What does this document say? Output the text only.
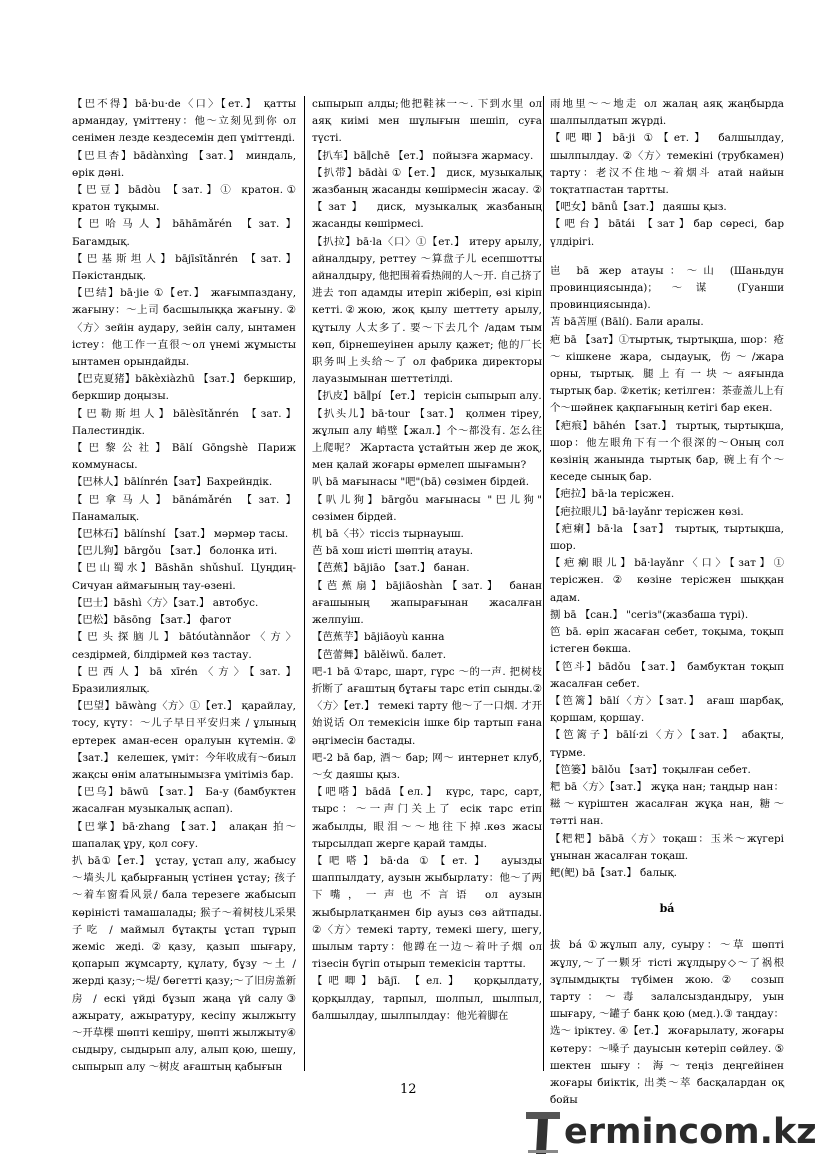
【巴不得】bā·bu·de〈口〉【ет.】 қатты армандау, үміттену：他～立刻见到你 ол сенімен лезде кездесемін деп үміттенді.
【巴旦杏】bādànxìng 【зат.】 миндаль, өрік дәні.
【巴豆】bādòu 【зат.】① кратон.① кратон тұқымы.
【巴哈马人】bāhāmǎrén 【зат.】 Багамдық.
【巴基斯坦人】bājīsītǎnrén 【зат.】 Пәкістандық.
【巴结】bā·jie ①【ет.】 жағымпаздану, жағыну：～上司 басшылыққа жағыну. ②〈方〉зейін аудару, зейін салу, ынтамен істеу：他工作一直很～ол үнемі жұмысты ынтамен орындайды.
【巴克夏猪】bākèxiàzhū 【зат.】 беркшир, беркшир доңызы.
【巴勒斯坦人】bālèsītǎnrén 【зат.】 Палестиндік.
【巴黎公社】Bālí Gōngshè Париж коммунасы.
【巴林人】bālínrén【зат】Бахрейндік.
【巴拿马人】bānámǎrén 【зат.】 Панамалық.
【巴林石】bālínshí 【зат.】 мәрмәр тасы.
【巴儿狗】bārgǒu 【зат.】 болонка иті.
【巴山蜀水】Bāshān shǔshuǐ. Цуңдиң-Сичуан аймағының тау-өзені.
【巴士】bāshì〈方〉【зат.】 автобус.
【巴松】bāsōng 【зат.】 фагот
【巴头探脑儿】bātóutànnǎor〈方〉сездірмей, білдірмей көз тастау.
【巴西人】bā xīrén〈方〉【зат.】 Бразилиялық.
【巴望】bāwàng〈方〉①【ет.】 қарайлау, тосу, күту：～儿子早日平安归来 / ұлының ертерек аман-есен оралуын күтемін.②【зат.】 келешек, үміт：今年收成有～биыл жақсы өнім алатынымызға үмітіміз бар.
【巴乌】bāwū 【зат.】 Ба-у (бамбуктен жасалған музыкалық аспап).
【巴掌】bā·zhang 【зат.】 алақан 拍～шапалақ ұру, қол соғу.
扒 bā①【ет.】 ұстау, ұстап алу, жабысу ～墙头儿 қабырғаның үстінен ұстау; 孩子～着车窗看风景/ бала терезеге жабысып көріністі тамашалады; 猴子～着树枝儿采果子吃 / маймыл бұтақты ұстап тұрып жеміс жеді.②қазу, қазып шығару, қопарып жұмсарту, құлату, бұзу ～土 / жерді қазу;～堤/ бөгетті қазу;～了旧房盖新房 / ескі үйді бұзып жаңа үй салу③ ажырату, ажыратуру, кесіпу жылжыту ～开草棵 шөпті кешіру, шөпті жылжыту④ сыдыру, сыдырып алу, алып қою, шешу, сыпырып алу ～树皮 ағаштың қабығын
сыпырып алды;他把鞋袜一～. 下到水里 ол аяқ киімі мен шұлығын шешіп, суға түсті.
【扒车】bā∥chē 【ет.】 пойызға жармасу.
【扒带】bādài ①【ет.】 диск, музыкалық жазбаның жасанды көшірмесін жасау. ②【зат】 диск, музыкалық жазбаның жасанды көшірмесі.
【扒拉】bā·la〈口〉①【ет.】 итеру арылу, айналдыру, реттеу ～算盘子儿 есепшотты айналдыру, 他把围着看热闹的人～开. 自己挤了进去 топ адамды итеріп жіберіп, өзі кіріп кетті.②жою, жоқ қылу шеттету арылу, құтылу 人太多了. 要～下去几个 /адам тым көп, бірнешеуінен арылу қажет; 他的厂长职务叫上头给～了 ол фабрика директоры лауазымынан шеттетілді.
【扒皮】bā∥pí 【ет.】 терісін сыпырып алу.
【扒头儿】bā·tour 【зат.】 қолмен тіреу, жұлып алу 峭壁【жал.】个～都没有. 怎么往上爬呢？ Жартаста ұстайтын жер де жоқ, мен қалай жоғары өрмелеп шығамын?
叭 bā мағынасы "吧"(bā) сөзімен бірдей.
【叭儿狗】bārgǒu мағынасы "巴儿狗" сөзімен бірдей.
机 bā〈书〉тіссіз тырнауыш.
芭 bā хош иісті шөптің атауы.
【芭蕉】bājiāo 【зат.】 банан.
【芭蕉扇】bājiāoshàn【зат.】 банан ағашының жапырағынан жасалған желпуіш.
【芭蕉芋】bājiāoyù канна
【芭蕾舞】bālěiwǔ. балет.
吧-1 bā ①тарс, шарт, гүрс ～的一声. 把树枝折断了 ағаштың бұтағы тарс етіп сынды.②〈方〉【ет.】 темекі тарту 他～了一口烟. 才开始说话 Ол темекісін ішке бір тартып ғана әңгімесін бастады.
吧-2 bā бар, 酒～ бар; 网～ интернет клуб,～女 даяшы қыз.
【吧嗒】bādā【ел.】 күрс, тарс, сарт, тырс：～一声门关上了 есік тарс етіп жабылды, 眼泪～～地往下掉.көз жасы тырсылдап жерге қарай тамды.
【吧嗒】bā·da ①【ет.】 ауызды шаппылдату, аузын жыбырлату：他～了两下嘴，一声也不言语 ол аузын жыбырлатқанмен бір ауыз сөз айтпады. ②〈方〉темекі тарту, темекі шегу, шегу, шылым тарту：他蹲在一边～着叶子烟 ол тізесін бүгіп отырып темекісін тартты.
【吧唧】bājī. 【ел.】 қорқылдату, қорқылдау, тарпыл, шолпыл, шылпыл, балшылдау, шылпылдау：他光着脚在
雨地里～～地走 ол жалаң аяқ жаңбырда шалпылдатып жүрді.
【吧唧】bā·ji ①【ет.】 балшылдау, шылпылдау. ②〈方〉темекіні (трубкамен) тарту：老汉不住地～着烟斗 атай найын тоқтатпастан тартты.
【吧女】bānǚ【зат.】 даяшы қыз.
【吧台】bātái 【зат】бар сөресі, бар үлдірігі.
岜 bā жер атауы：～山 (Шаньдун провинциясында)；～谋 (Гуанши провинциясында).
苫 bā苫厘 (Bālí). Бали аралы.
疤 bā 【зат】①тыртық, тыртықша, шор：疮～кішкене жара, сыдауық, 伤～/жара орны, тыртық. 腿上有一块～аяғында тыртық бар. ②кетік; кетілген：茶壶盖儿上有个～шәйнек қақпағының кетігі бар екен.
【疤痕】bāhén 【зат.】 тыртық, тыртықша, шор：他左眼角下有一个很深的～Оның сол көзінің жанында тыртық бар, 碗上有个～кеседе сынық бар.
【疤拉】bā·la терісжен.
【疤拉眼儿】bā·layǎnr терісжен көзі.
【疤瘌】bā·la 【зат】 тыртық, тыртықша, шор.
【疤瘌眼儿】bā·layǎnr〈口〉【зат】① терісжен. ② көзіне терісжен шыққан адам.
捌 bā 【сан.】 "сегіз"(жазбаша түрі).
笆 bā. өріп жасаған себет, тоқыма, тоқып істеген бөкша.
【笆斗】bādǒu 【зат.】 бамбуктан тоқып жасалған себет.
【笆篱】bālí〈方〉【зат.】 ағаш шарбақ, қоршам, қоршау.
【笆篱子】bālí·zi〈方〉【зат.】 абақты, түрме.
【笆篓】bālǒu 【зат】тоқылған себет.
粑 bā〈方〉【зат.】 жұқа нан; таңдыр нан：糍～күріштен жасалған жұқа нан, 糖～тәтті нан.
【粑粑】bābā〈方〉тоқаш：玉米～жүгері ұнынан жасалған тоқаш.
鲃(鲃) bā【зат.】 балық.
bá
拔 bá ①жұлып алу, суыру：～草 шөпті жұлу,～了一颗牙 тісті жұлдыру◇～了祸根 зұлымдықты түбімен жою.② созып тарту：～毒 залалсыздандыру, уын шығару, ～罐子 банк қою (мед.).③ таңдау：选～ іріктеу. ④【ет.】 жоғарылату, жоғары көтеру：～嗓子 дауысын көтеріп сөйлеу. ⑤ шектен шығу：海～теңіз деңгейінен жоғары биіктік, 出类～萃 басқалардан оқ бойы
12
ermincom.kz
